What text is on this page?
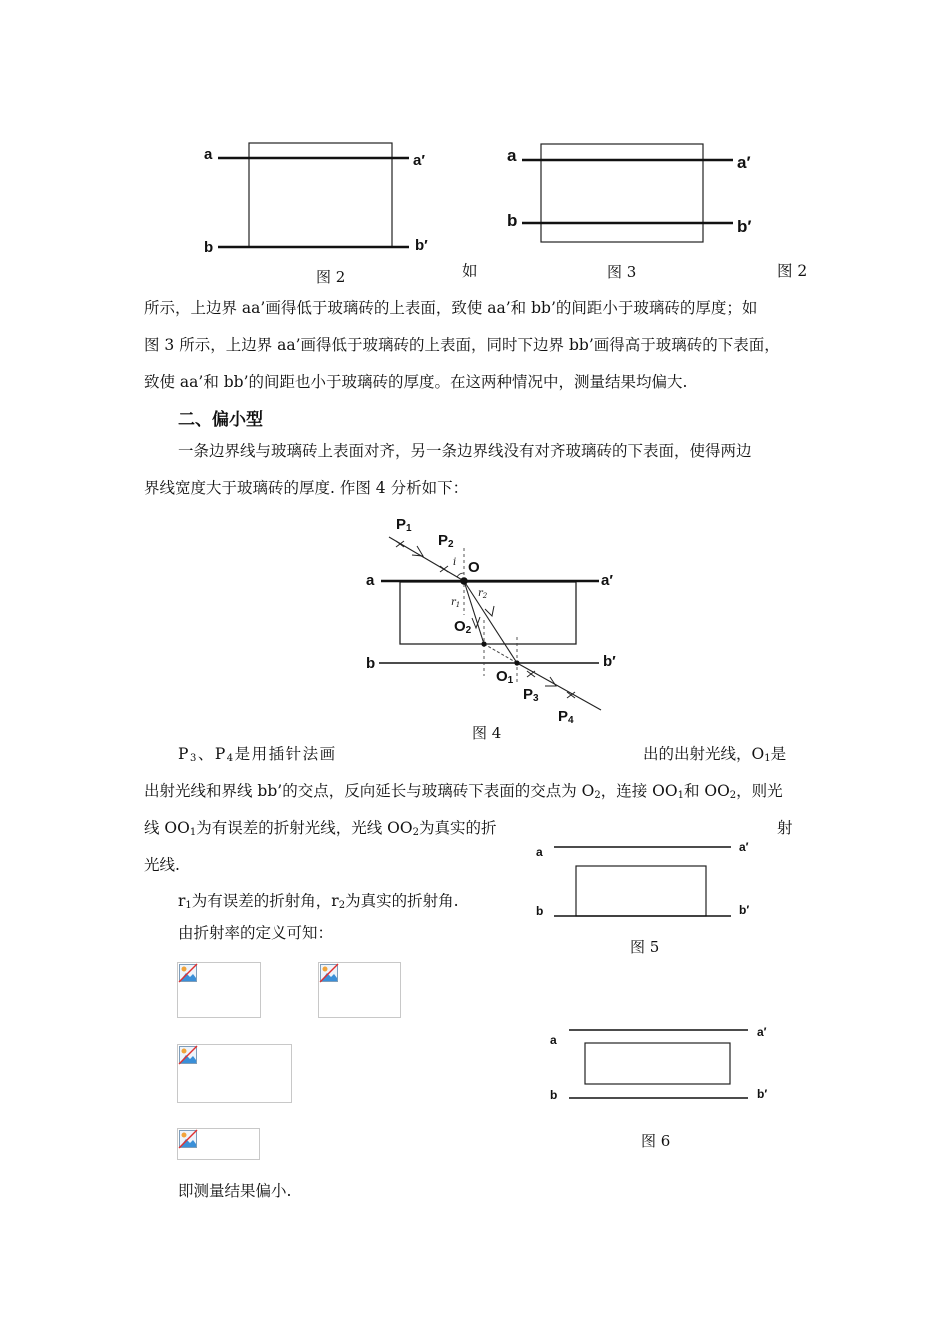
a	a′
b	b′
图 2
a	a′
b	b′
图 3
如	图 2
所示，上边界 aa’画得低于玻璃砖的上表面，致使 aa’和 bb’的间距小于玻璃砖的厚度；如
图 3 所示，上边界 aa’画得低于玻璃砖的上表面，同时下边界 bb’画得高于玻璃砖的下表面，
致使 aa’和 bb’的间距也小于玻璃砖的厚度。在这两种情况中，测量结果均偏大.
二、偏小型
一条边界线与玻璃砖上表面对齐，另一条边界线没有对齐玻璃砖的下表面，使得两边
界线宽度大于玻璃砖的厚度. 作图 4 分析如下：
$P_1$
$P_2$
O
i
$r_1$
$r_2$
$O_2$
$O_1$
$P_3$
$P_4$
a	a′
b	b′
图 4
$P_3$、$P_4$是用插针法画	出的出射光线，$O_1$是
出射光线和界线 bb’的交点，反向延长与玻璃砖下表面的交点为 $O_2$，连接 $OO_1$和 $OO_2$，则光
线 $OO_1$为有误差的折射光线，光线 $OO_2$为真实的折	射
光线.
$r_1$为有误差的折射角，$r_2$为真实的折射角.
由折射率的定义可知：
a	a′
b	b′
图 5
a
a′
b	b′
图 6
即测量结果偏小.
